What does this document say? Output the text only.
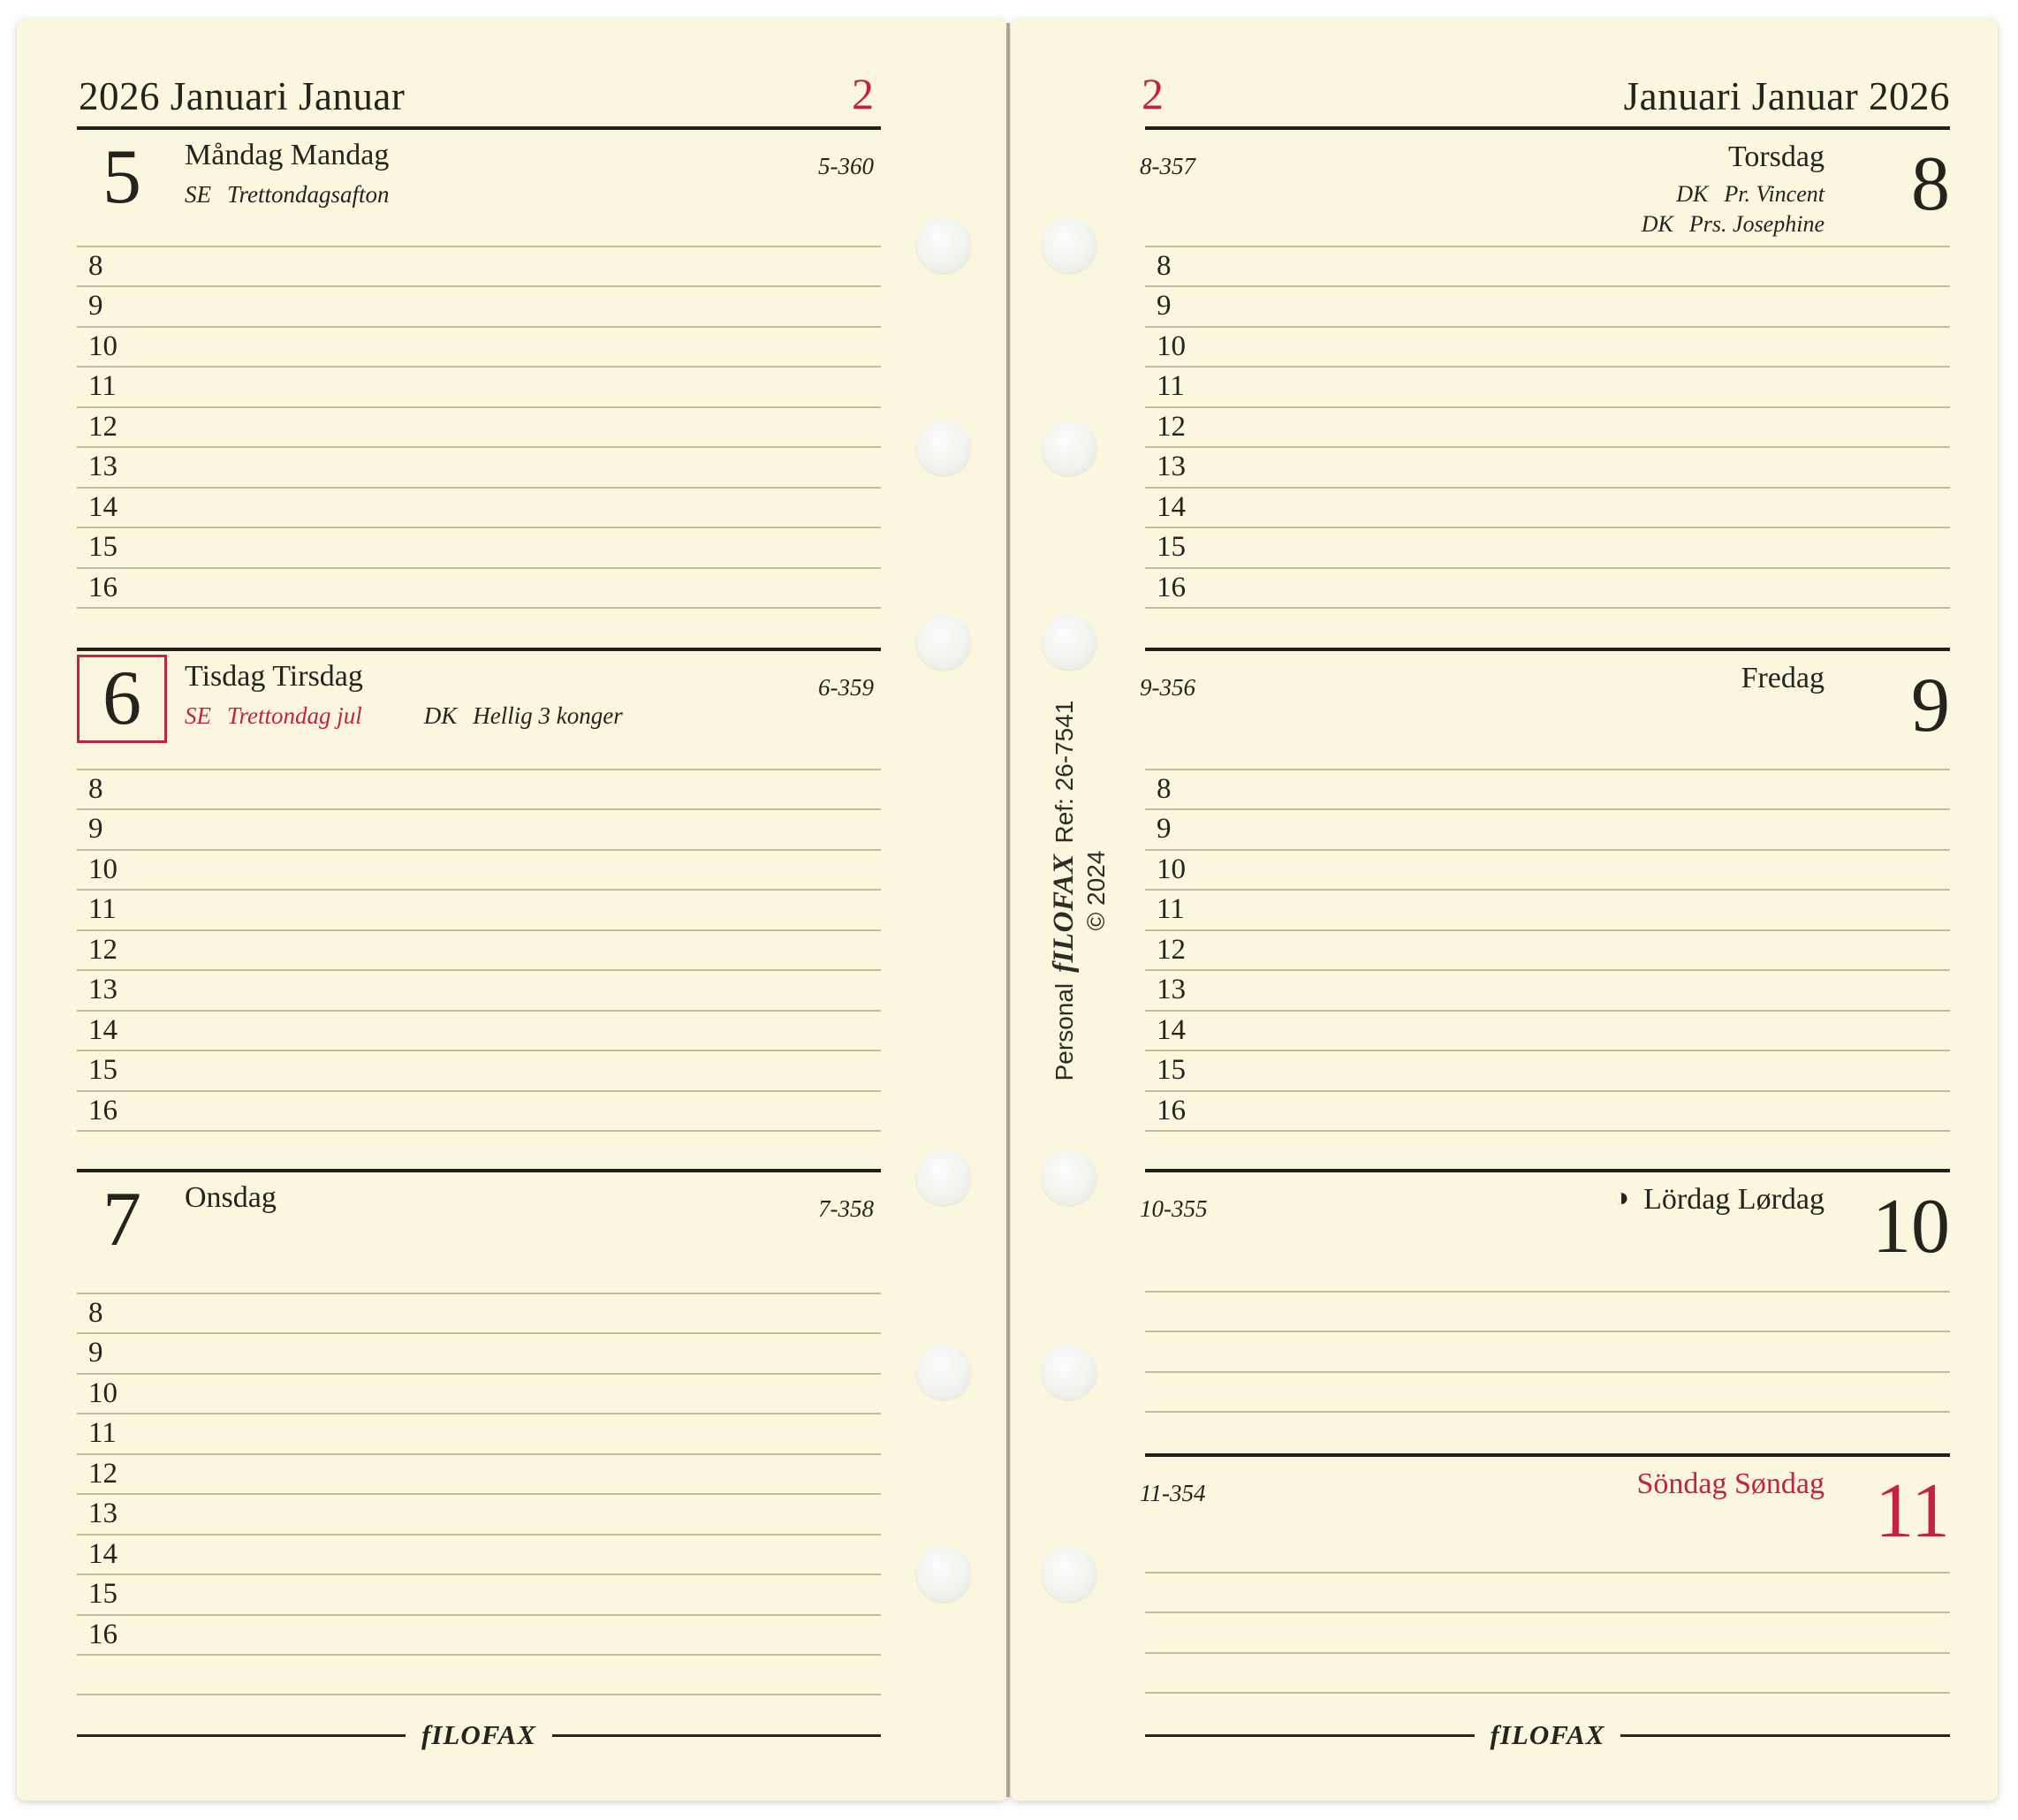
2026 Januari Januar	2
fILOFAX
5	Måndag Mandag
SE Trettondagsafton
5-360
8
9
10
11
12
13
14
15
16
6	Tisdag Tirsdag
SE Trettondag jul	DK Hellig 3 konger
6-359
8
9
10
11
12
13
14
15
16
7	Onsdag	7-358
8
9
10
11
12
13
14
15
16
2	Januari Januar 2026
fILOFAX
8-357	Torsdag
DK Pr. Vincent
DK Prs. Josephine 8
8
9
10
11
12
13
14
15
16
9-356	Fredag 9
8
9
10
11
12
13
14
15
16
10-355	◑ Lördag Lørdag 10
11-354	Söndag Søndag 11
PersonalfILOFAXRef: 26-7541
© 2024
